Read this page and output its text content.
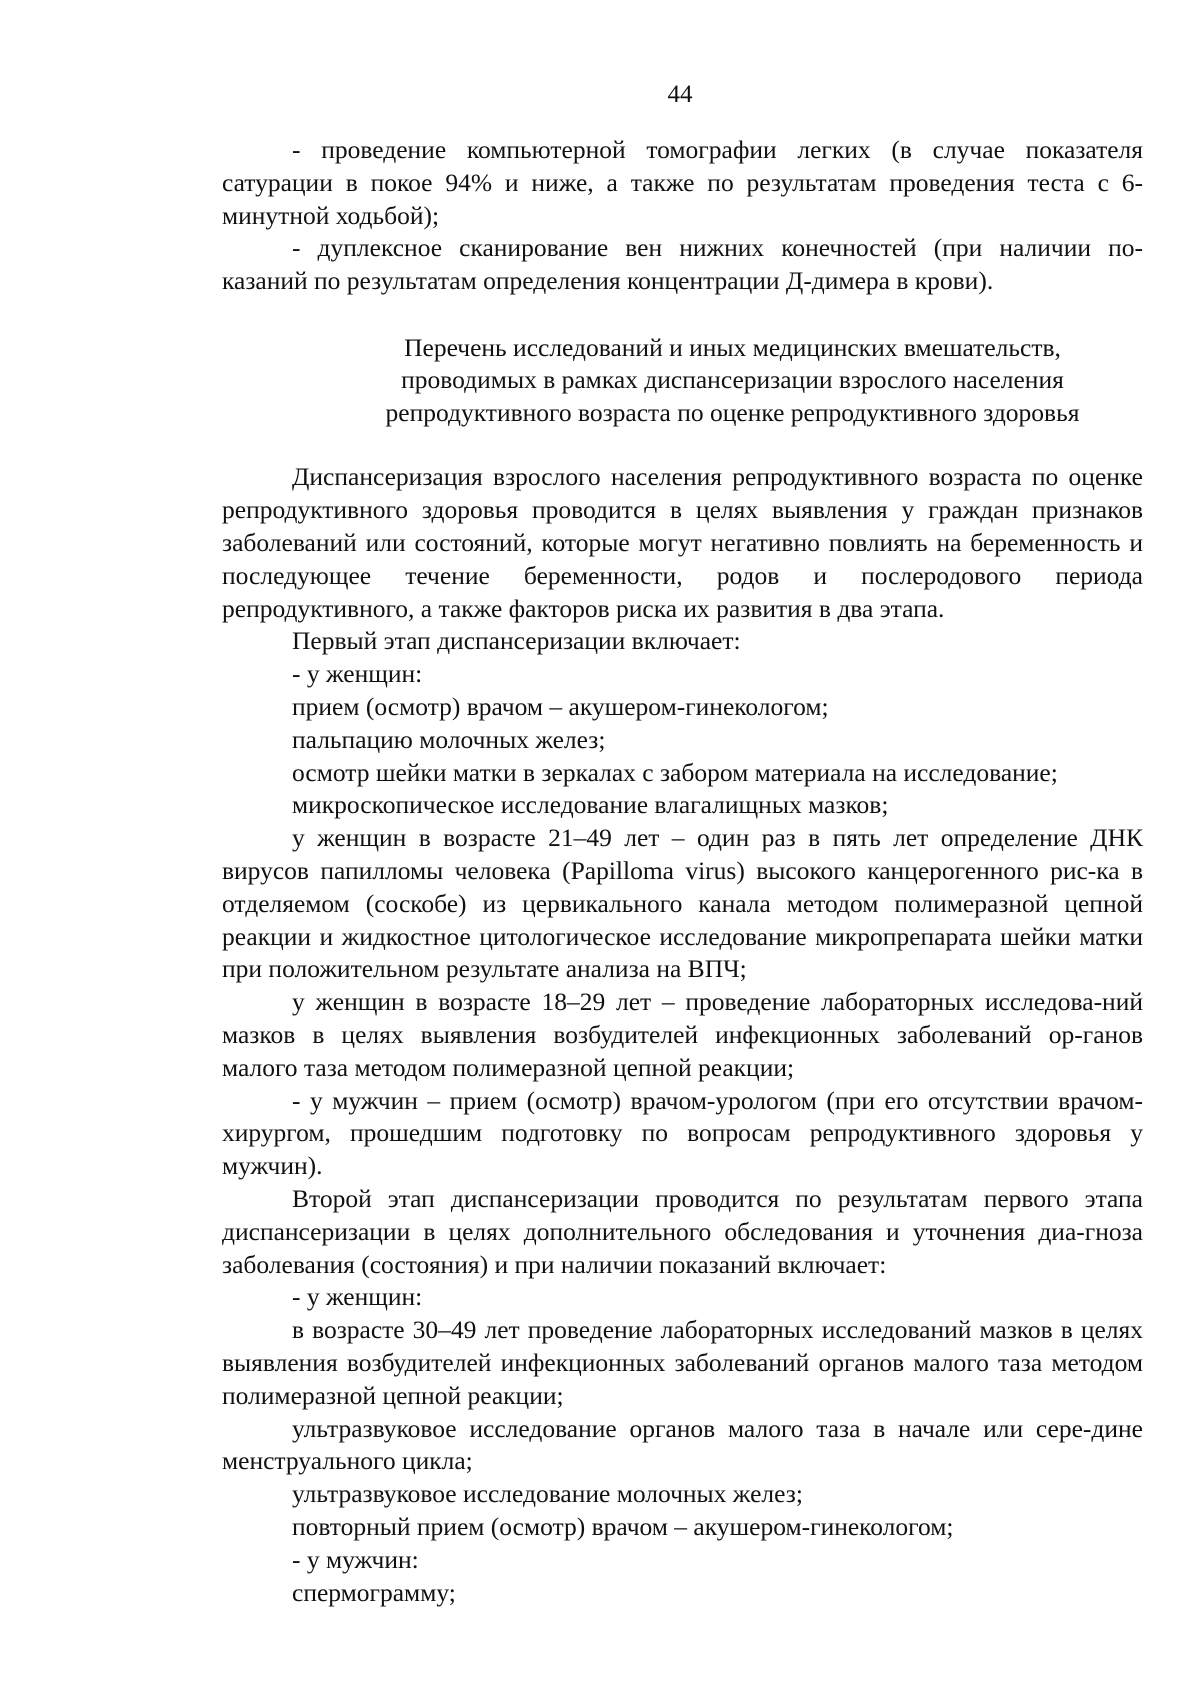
44

- проведение компьютерной томографии легких (в случае показателя сатурации в покое 94% и ниже, а также по результатам проведения теста с 6-минутной ходьбой);

- дуплексное сканирование вен нижних конечностей (при наличии по-казаний по результатам определения концентрации Д-димера в крови).

Перечень исследований и иных медицинских вмешательств,
проводимых в рамках диспансеризации взрослого населения
репродуктивного возраста по оценке репродуктивного здоровья

Диспансеризация взрослого населения репродуктивного возраста по оценке репродуктивного здоровья проводится в целях выявления у граждан признаков заболеваний или состояний, которые могут негативно повлиять на беременность и последующее течение беременности, родов и послеродового периода репродуктивного, а также факторов риска их развития в два этапа.

Первый этап диспансеризации включает:

- у женщин:

прием (осмотр) врачом – акушером-гинекологом;

пальпацию молочных желез;

осмотр шейки матки в зеркалах с забором материала на исследование;

микроскопическое исследование влагалищных мазков;

у женщин в возрасте 21–49 лет – один раз в пять лет определение ДНК вирусов папилломы человека (Papilloma virus) высокого канцерогенного рис-ка в отделяемом (соскобе) из цервикального канала методом полимеразной цепной реакции и жидкостное цитологическое исследование микропрепарата шейки матки при положительном результате анализа на ВПЧ;

у женщин в возрасте 18–29 лет – проведение лабораторных исследова-ний мазков в целях выявления возбудителей инфекционных заболеваний ор-ганов малого таза методом полимеразной цепной реакции;

- у мужчин – прием (осмотр) врачом-урологом (при его отсутствии врачом-хирургом, прошедшим подготовку по вопросам репродуктивного здоровья у мужчин).

Второй этап диспансеризации проводится по результатам первого этапа диспансеризации в целях дополнительного обследования и уточнения диа-гноза заболевания (состояния) и при наличии показаний включает:

- у женщин:

в возрасте 30–49 лет проведение лабораторных исследований мазков в целях выявления возбудителей инфекционных заболеваний органов малого таза методом полимеразной цепной реакции;

ультразвуковое исследование органов малого таза в начале или сере-дине менструального цикла;

ультразвуковое исследование молочных желез;

повторный прием (осмотр) врачом – акушером-гинекологом;

- у мужчин:

спермограмму;
